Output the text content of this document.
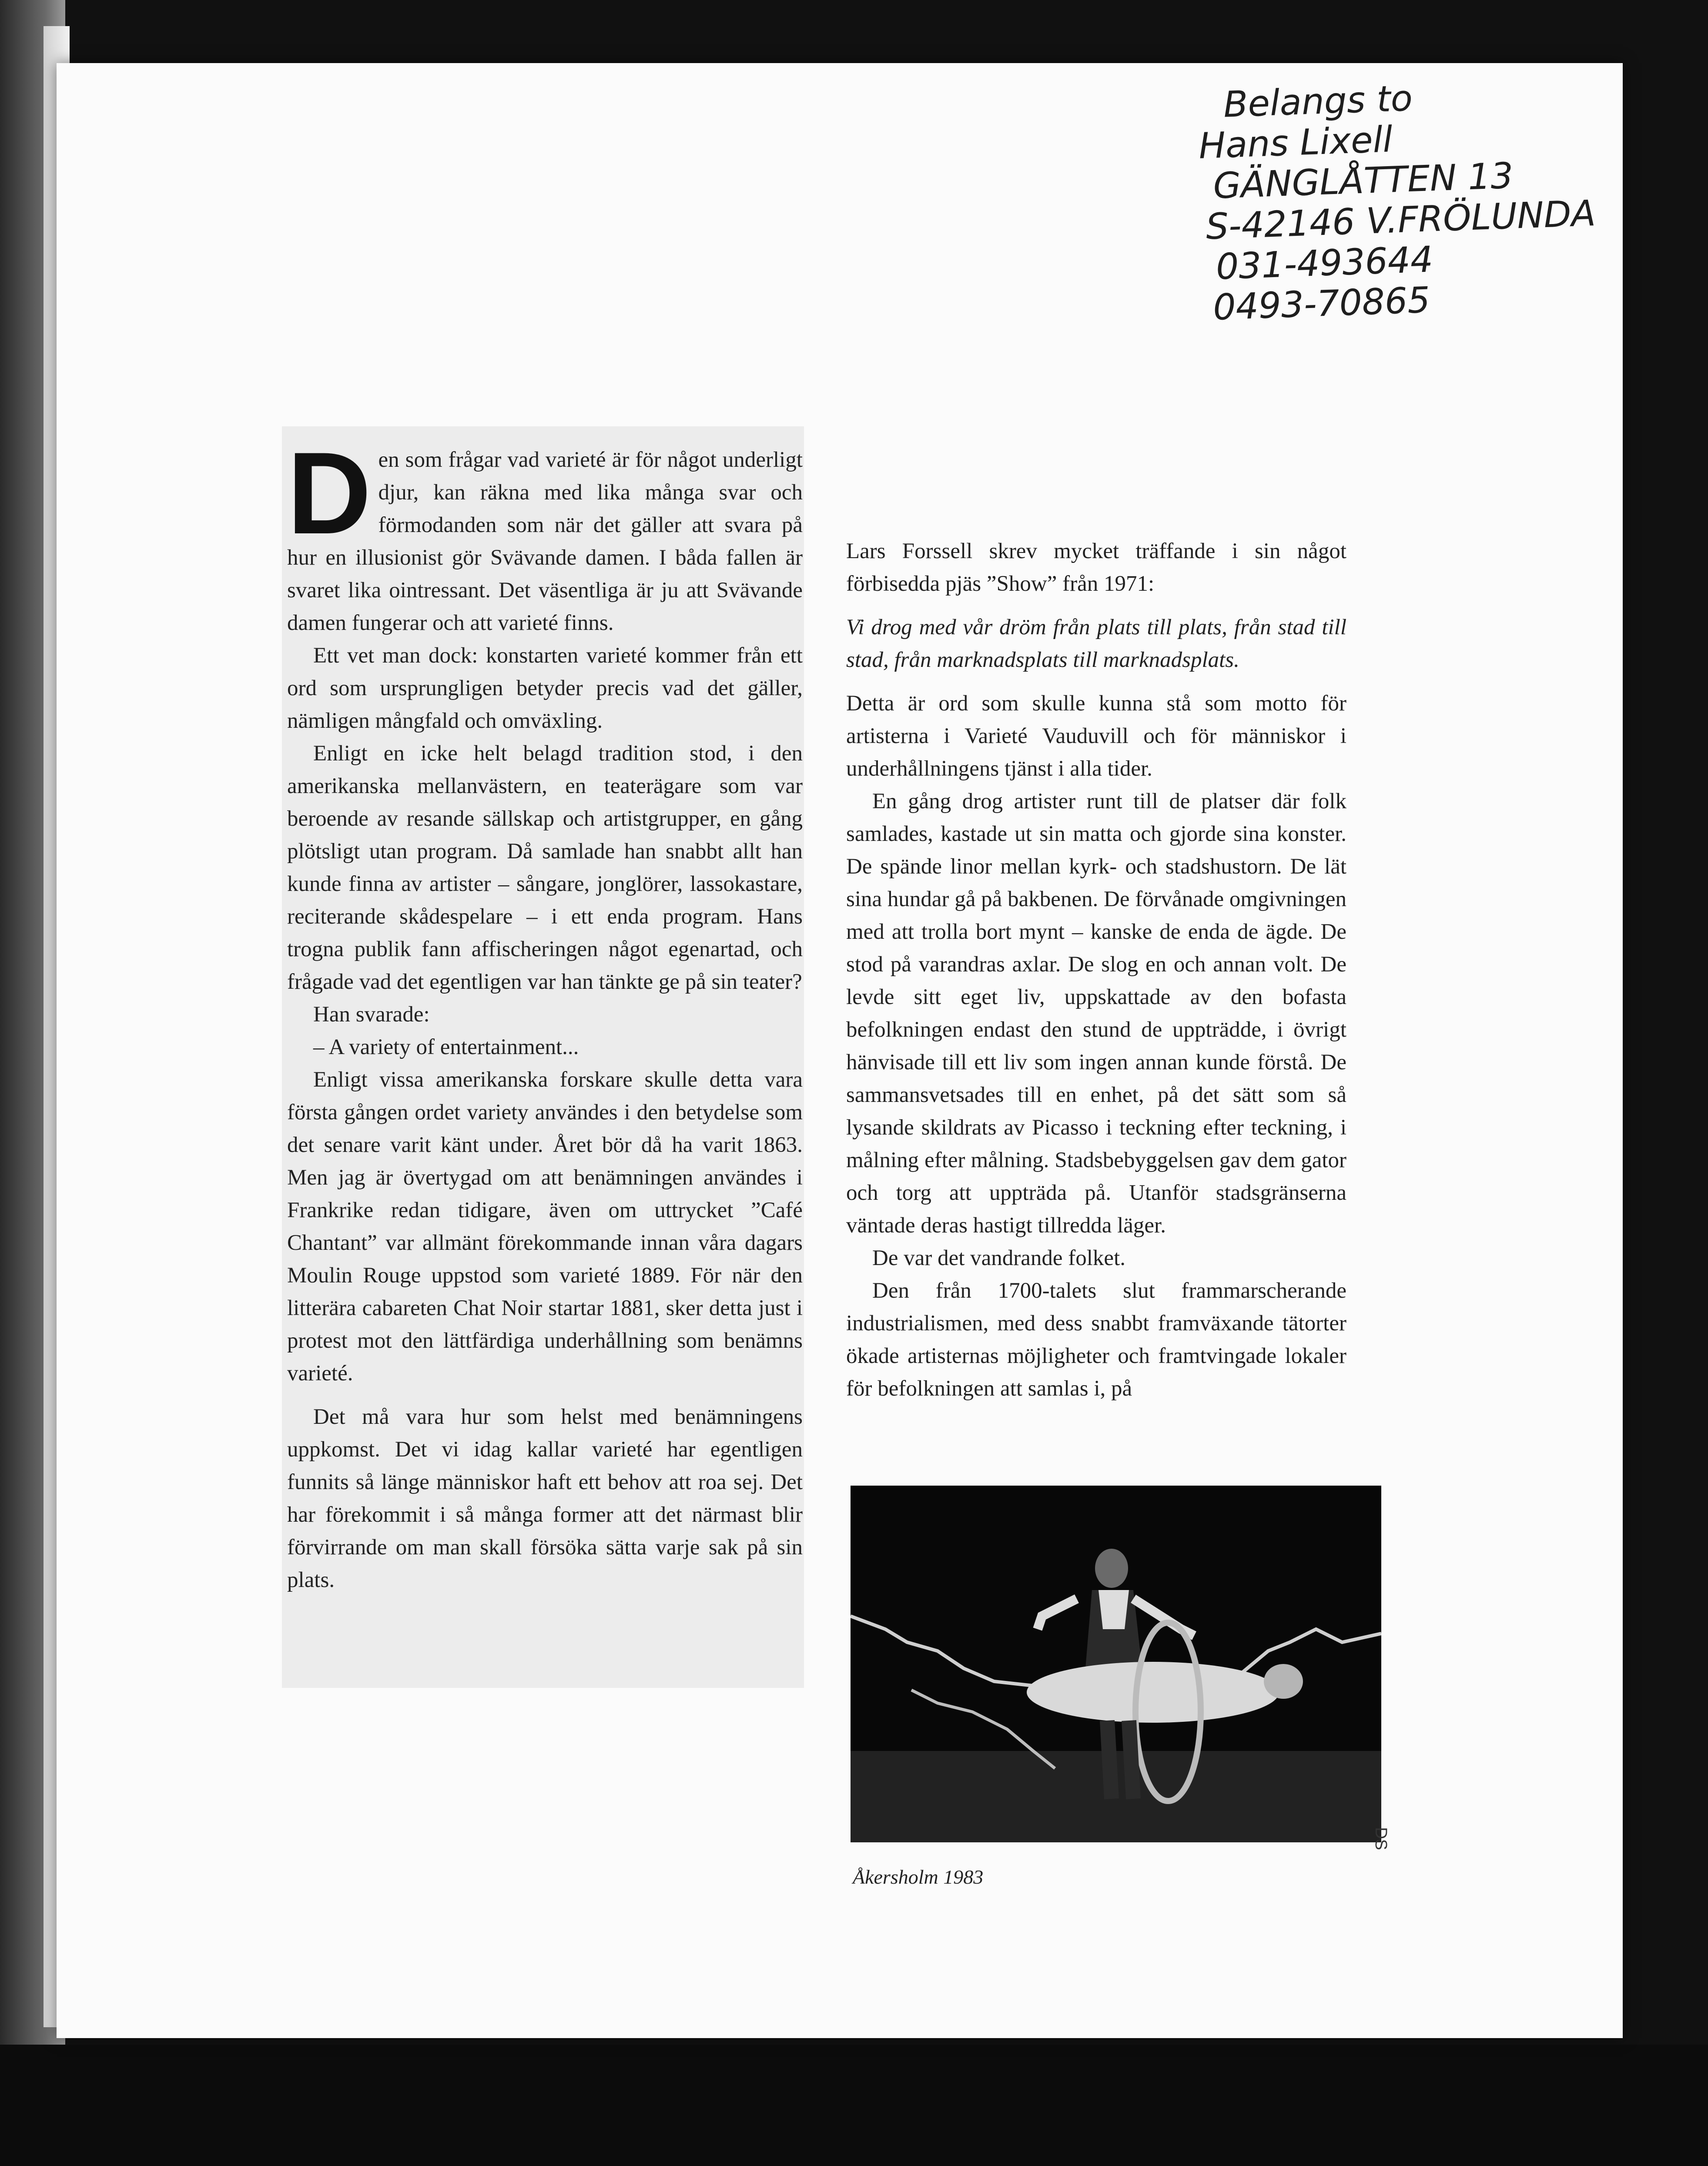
Belangs to
Hans Lixell
GÄNGLÅTTEN 13
S-42146 V.FRÖLUNDA
031-493644
0493-70865

D en som frågar vad varieté är för något underligt djur, kan räkna med lika många svar och förmodanden som när det gäller att svara på hur en illusionist gör Svävande damen. I båda fallen är svaret lika ointressant. Det väsentliga är ju att Svävande damen fungerar och att varieté finns.

Ett vet man dock: konstarten varieté kommer från ett ord som ursprungligen betyder precis vad det gäller, nämligen mångfald och omväxling.

Enligt en icke helt belagd tradition stod, i den amerikanska mellanvästern, en teaterägare som var beroende av resande sällskap och artistgrupper, en gång plötsligt utan program. Då samlade han snabbt allt han kunde finna av artister – sångare, jonglörer, lassokastare, reciterande skådespelare – i ett enda program. Hans trogna publik fann affischeringen något egenartad, och frågade vad det egentligen var han tänkte ge på sin teater?

Han svarade:

– A variety of entertainment...

Enligt vissa amerikanska forskare skulle detta vara första gången ordet variety användes i den betydelse som det senare varit känt under. Året bör då ha varit 1863. Men jag är övertygad om att benämningen användes i Frankrike redan tidigare, även om uttrycket ”Café Chantant” var allmänt förekommande innan våra dagars Moulin Rouge uppstod som varieté 1889. För när den litterära cabareten Chat Noir startar 1881, sker detta just i protest mot den lättfärdiga underhållning som benämns varieté.

Det må vara hur som helst med benämningens uppkomst. Det vi idag kallar varieté har egentligen funnits så länge människor haft ett behov att roa sej. Det har förekommit i så många former att det närmast blir förvirrande om man skall försöka sätta varje sak på sin plats.

Lars Forssell skrev mycket träffande i sin något förbisedda pjäs ”Show” från 1971:

Vi drog med vår dröm från plats till plats, från stad till stad, från marknadsplats till marknadsplats.

Detta är ord som skulle kunna stå som motto för artisterna i Varieté Vauduvill och för människor i underhållningens tjänst i alla tider.

En gång drog artister runt till de platser där folk samlades, kastade ut sin matta och gjorde sina konster. De spände linor mellan kyrk- och stadshustorn. De lät sina hundar gå på bakbenen. De förvånade omgivningen med att trolla bort mynt – kanske de enda de ägde. De stod på varandras axlar. De slog en och annan volt. De levde sitt eget liv, uppskattade av den bofasta befolkningen endast den stund de uppträdde, i övrigt hänvisade till ett liv som ingen annan kunde förstå. De sammansvetsades till en enhet, på det sätt som så lysande skildrats av Picasso i teckning efter teckning, i målning efter målning. Stadsbebyggelsen gav dem gator och torg att uppträda på. Utanför stadsgränserna väntade deras hastigt tillredda läger.

De var det vandrande folket.

Den från 1700-talets slut frammarscherande industrialismen, med dess snabbt framväxande tätorter ökade artisternas möjligheter och framtvingade lokaler för befolkningen att samlas i, på

DS
Åkersholm 1983
